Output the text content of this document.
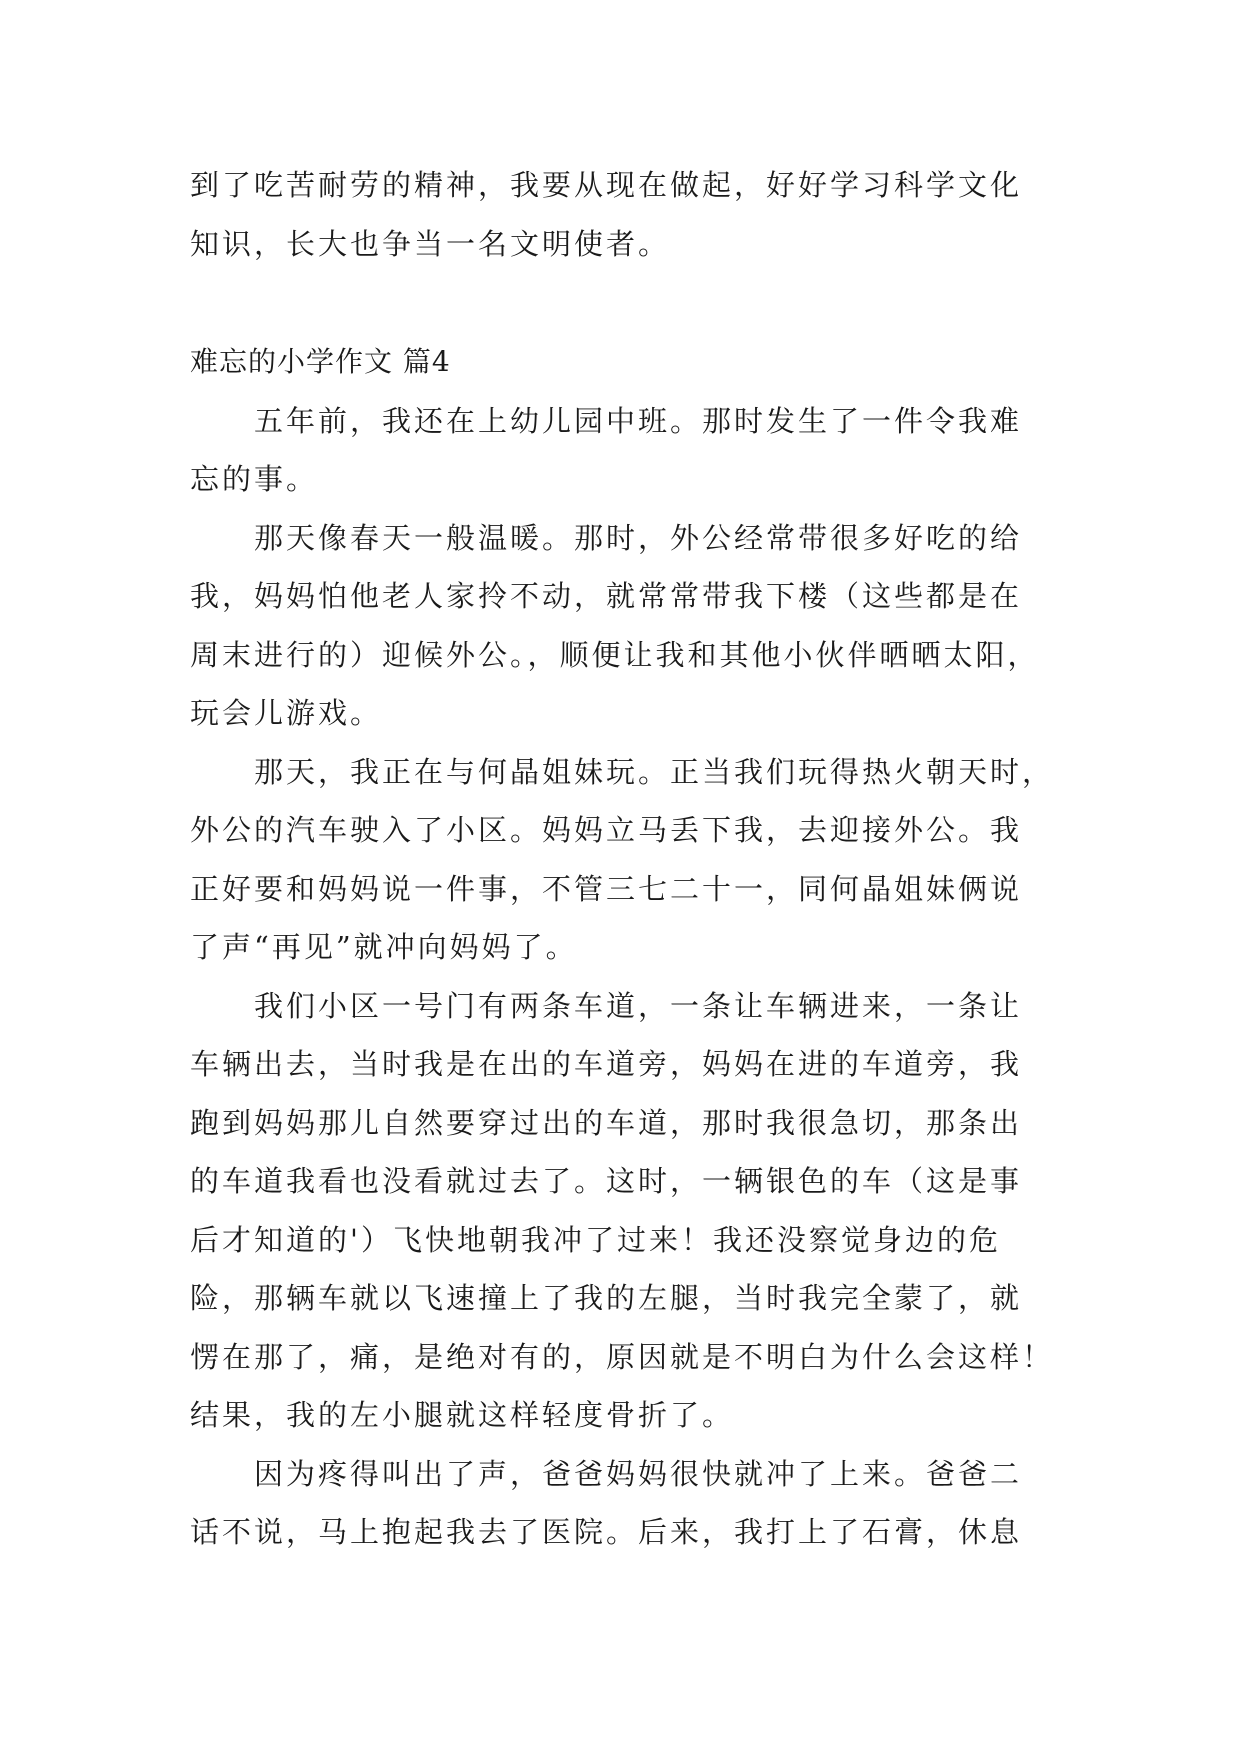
到了吃苦耐劳的精神，我要从现在做起，好好学习科学文化
知识，长大也争当一名文明使者。
难忘的小学作文 篇4
五年前，我还在上幼儿园中班。那时发生了一件令我难
忘的事。
那天像春天一般温暖。那时，外公经常带很多好吃的给
我，妈妈怕他老人家拎不动，就常常带我下楼（这些都是在
周末进行的）迎候外公。，顺便让我和其他小伙伴晒晒太阳，
玩会儿游戏。
那天，我正在与何晶姐妹玩。正当我们玩得热火朝天时，
外公的汽车驶入了小区。妈妈立马丢下我，去迎接外公。我
正好要和妈妈说一件事，不管三七二十一，同何晶姐妹俩说
了声“再见”就冲向妈妈了。
我们小区一号门有两条车道，一条让车辆进来，一条让
车辆出去，当时我是在出的车道旁，妈妈在进的车道旁，我
跑到妈妈那儿自然要穿过出的车道，那时我很急切，那条出
的车道我看也没看就过去了。这时，一辆银色的车（这是事
后才知道的'）飞快地朝我冲了过来！我还没察觉身边的危
险，那辆车就以飞速撞上了我的左腿，当时我完全蒙了，就
愣在那了，痛，是绝对有的，原因就是不明白为什么会这样！
结果，我的左小腿就这样轻度骨折了。
因为疼得叫出了声，爸爸妈妈很快就冲了上来。爸爸二
话不说，马上抱起我去了医院。后来，我打上了石膏，休息
